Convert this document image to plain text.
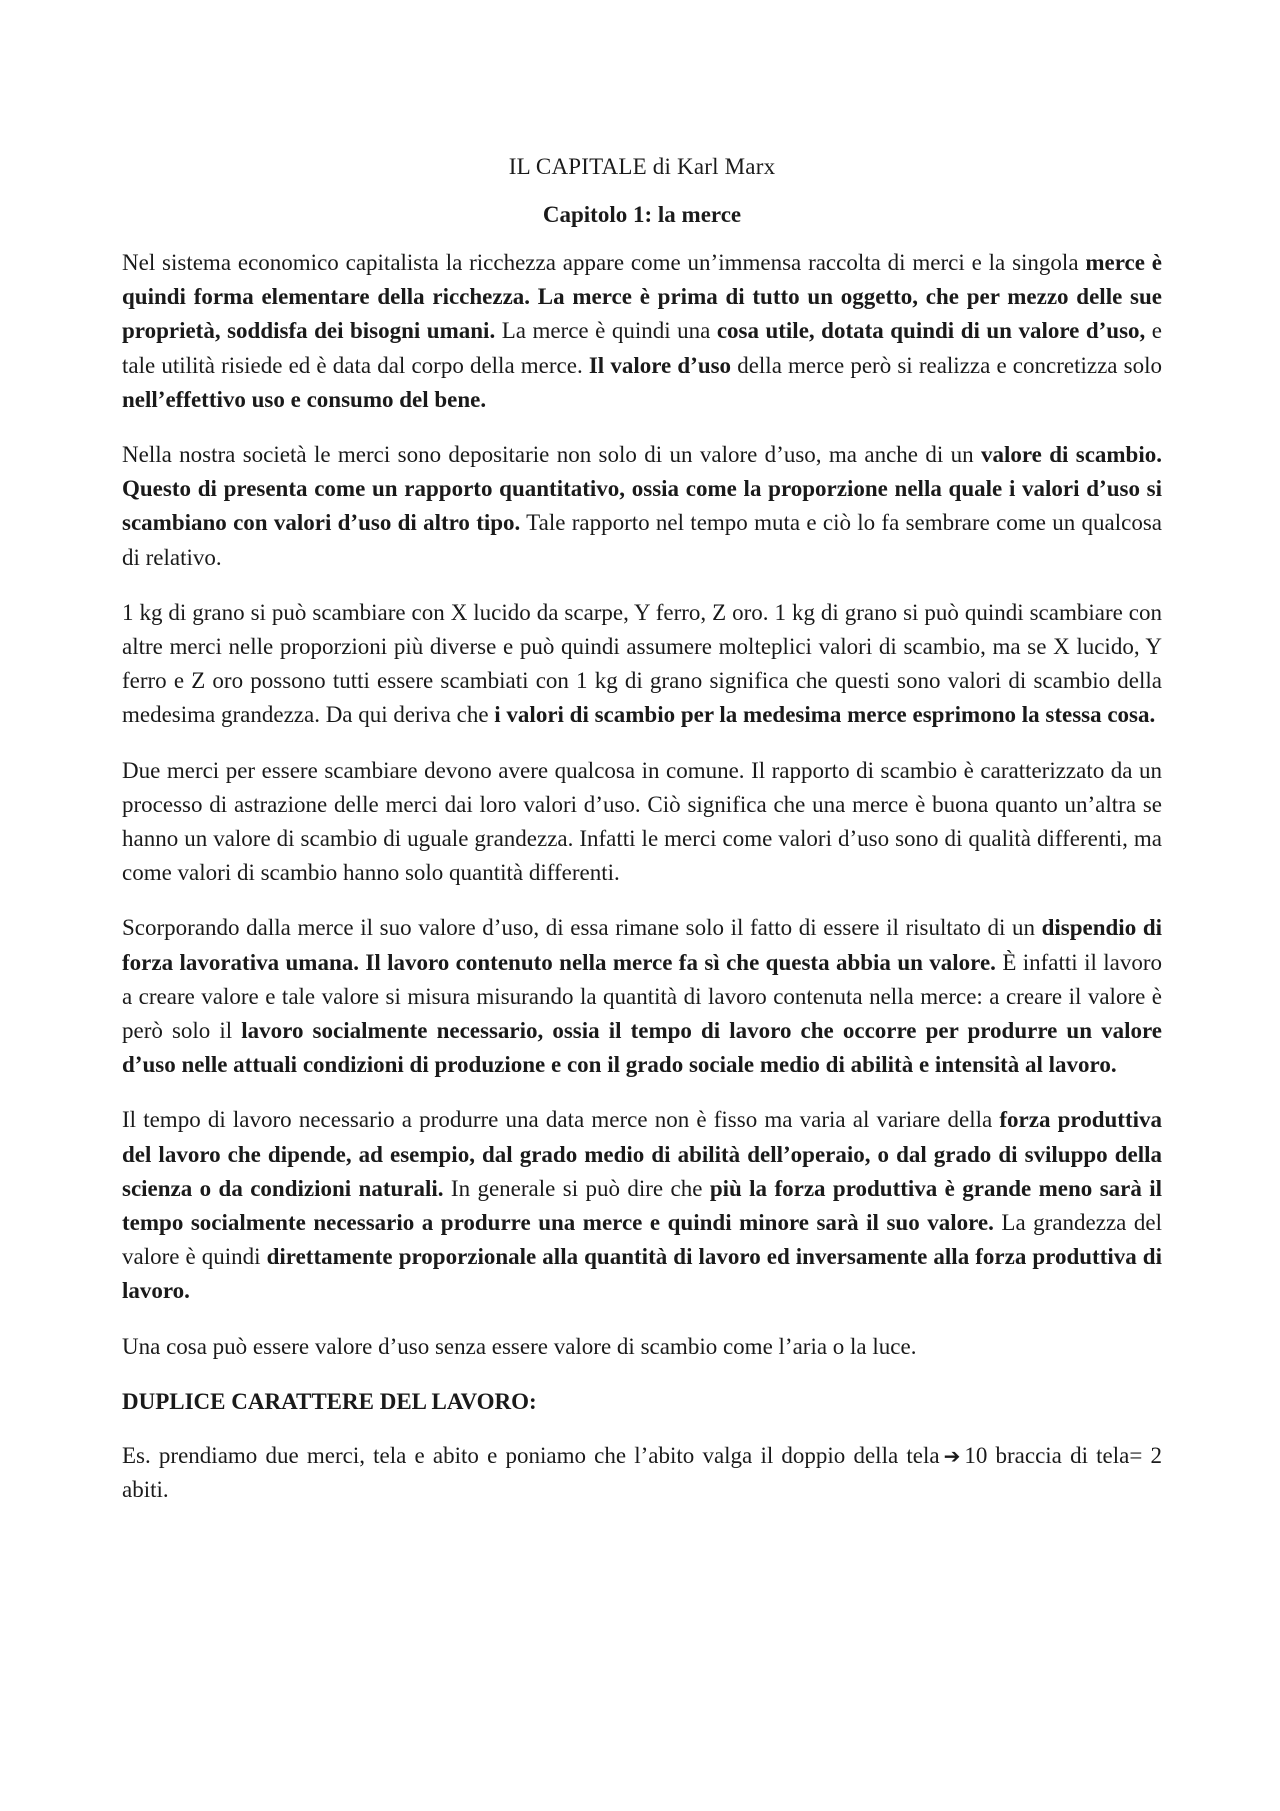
IL CAPITALE di Karl Marx
Capitolo 1: la merce

Nel sistema economico capitalista la ricchezza appare come un’immensa raccolta di merci e la singola merce è quindi forma elementare della ricchezza. La merce è prima di tutto un oggetto, che per mezzo delle sue proprietà, soddisfa dei bisogni umani. La merce è quindi una cosa utile, dotata quindi di un valore d’uso, e tale utilità risiede ed è data dal corpo della merce. Il valore d’uso della merce però si realizza e concretizza solo nell’effettivo uso e consumo del bene.

Nella nostra società le merci sono depositarie non solo di un valore d’uso, ma anche di un valore di scambio. Questo di presenta come un rapporto quantitativo, ossia come la proporzione nella quale i valori d’uso si scambiano con valori d’uso di altro tipo. Tale rapporto nel tempo muta e ciò lo fa sembrare come un qualcosa di relativo.

1 kg di grano si può scambiare con X lucido da scarpe, Y ferro, Z oro. 1 kg di grano si può quindi scambiare con altre merci nelle proporzioni più diverse e può quindi assumere molteplici valori di scambio, ma se X lucido, Y ferro e Z oro possono tutti essere scambiati con 1 kg di grano significa che questi sono valori di scambio della medesima grandezza. Da qui deriva che i valori di scambio per la medesima merce esprimono la stessa cosa.

Due merci per essere scambiare devono avere qualcosa in comune. Il rapporto di scambio è caratterizzato da un processo di astrazione delle merci dai loro valori d’uso. Ciò significa che una merce è buona quanto un’altra se hanno un valore di scambio di uguale grandezza. Infatti le merci come valori d’uso sono di qualità differenti, ma come valori di scambio hanno solo quantità differenti.

Scorporando dalla merce il suo valore d’uso, di essa rimane solo il fatto di essere il risultato di un dispendio di forza lavorativa umana. Il lavoro contenuto nella merce fa sì che questa abbia un valore. È infatti il lavoro a creare valore e tale valore si misura misurando la quantità di lavoro contenuta nella merce: a creare il valore è però solo il lavoro socialmente necessario, ossia il tempo di lavoro che occorre per produrre un valore d’uso nelle attuali condizioni di produzione e con il grado sociale medio di abilità e intensità al lavoro.

Il tempo di lavoro necessario a produrre una data merce non è fisso ma varia al variare della forza produttiva del lavoro che dipende, ad esempio, dal grado medio di abilità dell’operaio, o dal grado di sviluppo della scienza o da condizioni naturali. In generale si può dire che più la forza produttiva è grande meno sarà il tempo socialmente necessario a produrre una merce e quindi minore sarà il suo valore. La grandezza del valore è quindi direttamente proporzionale alla quantità di lavoro ed inversamente alla forza produttiva di lavoro.

Una cosa può essere valore d’uso senza essere valore di scambio come l’aria o la luce.

DUPLICE CARATTERE DEL LAVORO:

Es. prendiamo due merci, tela e abito e poniamo che l’abito valga il doppio della tela ➔ 10 braccia di tela= 2 abiti.
